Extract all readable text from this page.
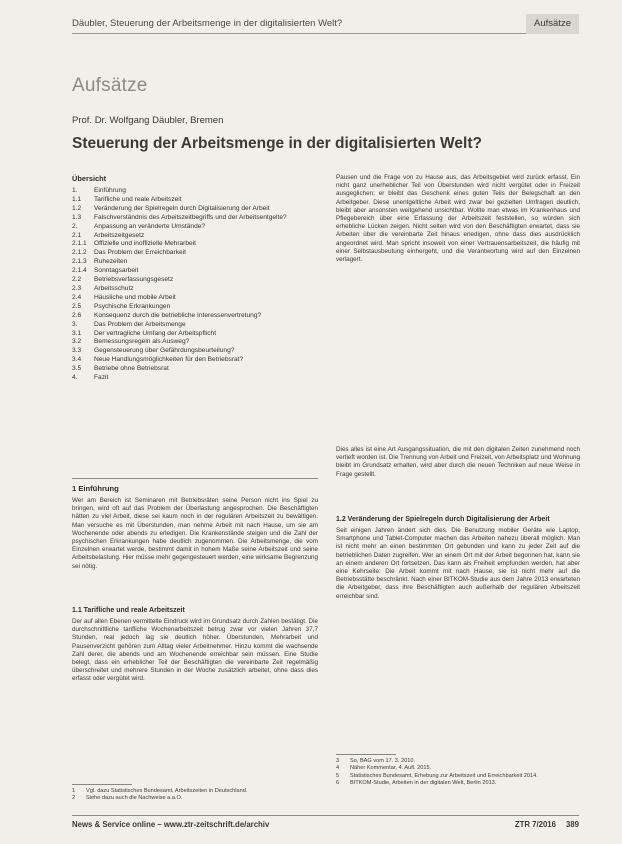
Däubler, Steuerung der Arbeitsmenge in der digitalisierten Welt?	Aufsätze
Aufsätze
Prof. Dr. Wolfgang Däubler, Bremen
Steuerung der Arbeitsmenge in der digitalisierten Welt?
Übersicht
1.	Einführung
1.1	Tarifliche und reale Arbeitszeit
1.2	Veränderung der Spielregeln durch Digitalisierung der Arbeit
1.3	Falschverständnis des Arbeitszeitbegriffs und der Arbeitsentgelte?
2.	Anpassung an veränderte Umstände?
2.1	Arbeitszeitgesetz
2.1.1	Offizielle und inoffizielle Mehrarbeit
2.1.2	Das Problem der Erreichbarkeit
2.1.3	Ruhezeiten
2.1.4	Sonntagsarbeit
2.2	Betriebsverfassungsgesetz
2.3	Arbeitsschutz
2.4	Häusliche und mobile Arbeit
2.5	Psychische Erkrankungen
2.6	Konsequenz durch die betriebliche Interessenvertretung?
3.	Das Problem der Arbeitsmenge
3.1	Der vertragliche Umfang der Arbeitspflicht
3.2	Bemessungsregeln als Ausweg?
3.3	Gegensteuerung über Gefährdungsbeurteilung?
3.4	Neue Handlungsmöglichkeiten für den Betriebsrat?
3.5	Betriebe ohne Betriebsrat
4.	Fazit
1 Einführung

Wer am Bereich ist Seminaren mit Betriebsräten seine Person nicht ins Spiel zu bringen, wird oft auf das Problem der Überlastung angesprochen. Die Beschäftigten hätten zu viel Arbeit, diese sei kaum noch in der regulären Arbeitszeit zu bewältigen. Man versuche es mit Überstunden, man nehme Arbeit mit nach Hause, um sie am Wochenende oder abends zu erledigen. Die Krankenstände steigen und die Zahl der psychischen Erkrankungen habe deutlich zugenommen. Die Arbeitsmenge, die vom Einzelnen erwartet werde, bestimmt damit in hohem Maße seine Arbeitszeit und seine Arbeitsbelastung. Hier müsse mehr gegengesteuert werden, eine wirksame Begrenzung sei nötig.

1.1 Tarifliche und reale Arbeitszeit

Der auf allen Ebenen vermittelte Eindruck wird im Grundsatz durch Zahlen bestätigt. Die durchschnittliche tarifliche Wochenarbeitszeit betrug zwar vor vielen Jahren 37,7 Stunden, real jedoch lag sie deutlich höher. Überstunden, Mehrarbeit und Pausenverzicht gehören zum Alltag vieler Arbeitnehmer. Hinzu kommt die wachsende Zahl derer, die abends und am Wochenende erreichbar sein müssen. Eine Studie belegt, dass ein erheblicher Teil der Beschäftigten die vereinbarte Zeit regelmäßig überschreitet und mehrere Stunden in der Woche zusätzlich arbeitet, ohne dass dies erfasst oder vergütet wird.

1	Vgl. dazu Statistisches Bundesamt, Arbeitszeiten in Deutschland.
2	Siehe dazu auch die Nachweise a.a.O.

Pausen und die Frage von zu Hause aus, das Arbeitsgebiet wird zurück erfasst. Ein nicht ganz unerheblicher Teil von Überstunden wird nicht vergütet oder in Freizeit ausgeglichen; er bleibt das Geschenk eines guten Teils der Belegschaft an den Arbeitgeber. Diese unentgeltliche Arbeit wird zwar bei gezielten Umfragen deutlich, bleibt aber ansonsten weitgehend unsichtbar. Wollte man etwas im Krankenhaus und Pflegebereich über eine Erfassung der Arbeitszeit feststellen, so würden sich erhebliche Lücken zeigen. Nicht selten wird von den Beschäftigten erwartet, dass sie Arbeiten über die vereinbarte Zeit hinaus erledigen, ohne dass dies ausdrücklich angeordnet wird. Man spricht insoweit von einer Vertrauensarbeitszeit, die häufig mit einer Selbstausbeutung einhergeht, und die Verantwortung wird auf den Einzelnen verlagert.

Dies alles ist eine Art Ausgangssituation, die mit den digitalen Zeiten zunehmend noch vertieft worden ist. Die Trennung von Arbeit und Freizeit, von Arbeitsplatz und Wohnung bleibt im Grundsatz erhalten, wird aber durch die neuen Techniken auf neue Weise in Frage gestellt.

1.2 Veränderung der Spielregeln durch Digitalisierung der Arbeit

Seit einigen Jahren ändert sich dies. Die Benutzung mobiler Geräte wie Laptop, Smartphone und Tablet-Computer machen das Arbeiten nahezu überall möglich. Man ist nicht mehr an einen bestimmten Ort gebunden und kann zu jeder Zeit auf die betrieblichen Daten zugreifen. Wer an einem Ort mit der Arbeit begonnen hat, kann sie an einem anderen Ort fortsetzen. Das kann als Freiheit empfunden werden, hat aber eine Kehrseite: Die Arbeit kommt mit nach Hause, sie ist nicht mehr auf die Betriebsstätte beschränkt. Nach einer BITKOM-Studie aus dem Jahre 2013 erwarteten die Arbeitgeber, dass ihre Beschäftigten auch außerhalb der regulären Arbeitszeit erreichbar sind.

3	So, BAG vom 17. 3. 2010.
4	Näher Kommentar, 4. Aufl. 2015.
5	Statistisches Bundesamt, Erhebung zur Arbeitszeit und Erreichbarkeit 2014.
6	BITKOM-Studie, Arbeiten in der digitalen Welt, Berlin 2013.
News & Service online – www.ztr-zeitschrift.de/archiv	ZTR 7/2016 389
